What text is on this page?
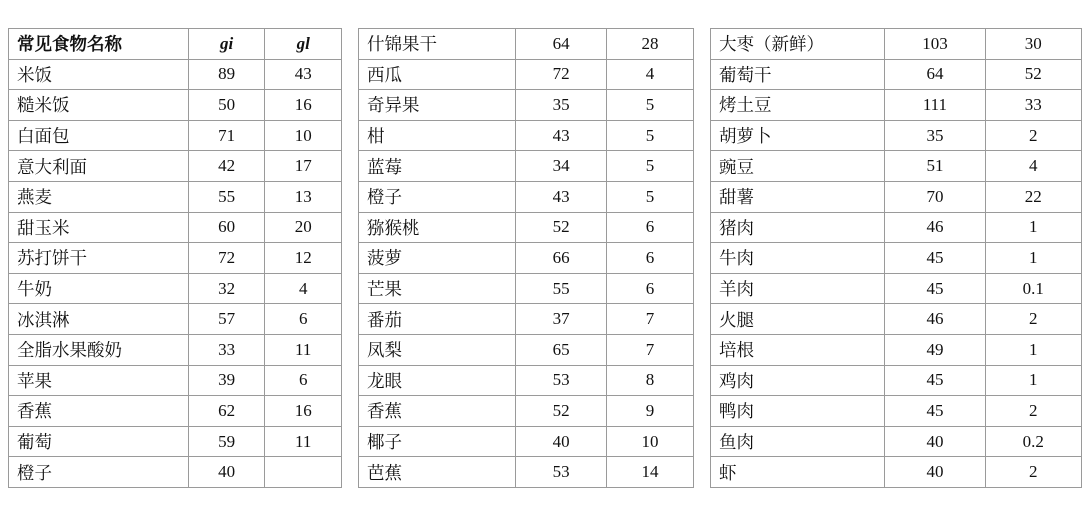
常见食物名称	gi	gl
米饭	89	43
糙米饭	50	16
白面包	71	10
意大利面	42	17
燕麦	55	13
甜玉米	60	20
苏打饼干	72	12
牛奶	32	4
冰淇淋	57	6
全脂水果酸奶	33	11
苹果	39	6
香蕉	62	16
葡萄	59	11
橙子	40	
什锦果干	64	28
西瓜	72	4
奇异果	35	5
柑	43	5
蓝莓	34	5
橙子	43	5
猕猴桃	52	6
菠萝	66	6
芒果	55	6
番茄	37	7
凤梨	65	7
龙眼	53	8
香蕉	52	9
椰子	40	10
芭蕉	53	14
大枣（新鲜）	103	30
葡萄干	64	52
烤土豆	111	33
胡萝卜	35	2
豌豆	51	4
甜薯	70	22
猪肉	46	1
牛肉	45	1
羊肉	45	0.1
火腿	46	2
培根	49	1
鸡肉	45	1
鸭肉	45	2
鱼肉	40	0.2
虾	40	2
